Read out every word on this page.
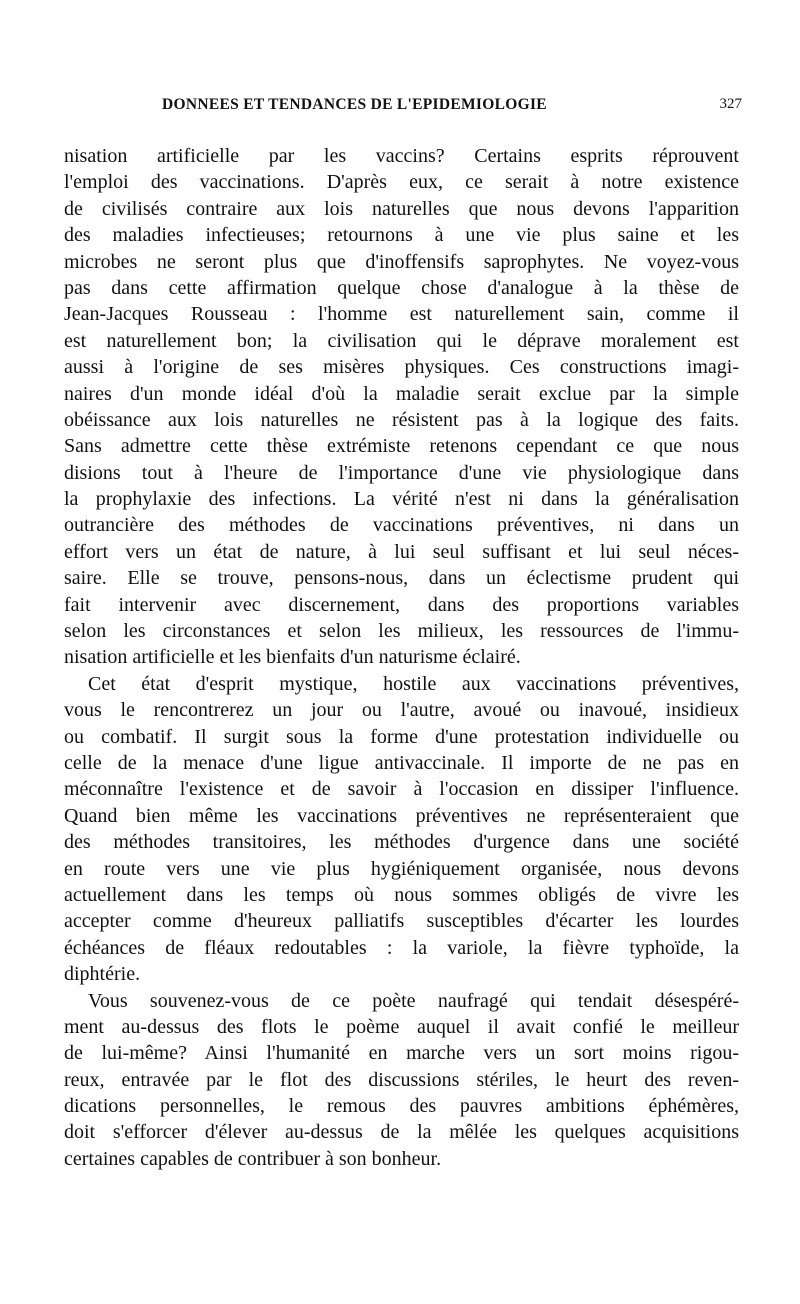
DONNEES ET TENDANCES DE L'EPIDEMIOLOGIE	327
nisation artificielle par les vaccins? Certains esprits réprouvent
l'emploi des vaccinations. D'après eux, ce serait à notre existence
de civilisés contraire aux lois naturelles que nous devons l'apparition
des maladies infectieuses; retournons à une vie plus saine et les
microbes ne seront plus que d'inoffensifs saprophytes. Ne voyez-vous
pas dans cette affirmation quelque chose d'analogue à la thèse de
Jean-Jacques Rousseau : l'homme est naturellement sain, comme il
est naturellement bon; la civilisation qui le déprave moralement est
aussi à l'origine de ses misères physiques. Ces constructions imagi-
naires d'un monde idéal d'où la maladie serait exclue par la simple
obéissance aux lois naturelles ne résistent pas à la logique des faits.
Sans admettre cette thèse extrémiste retenons cependant ce que nous
disions tout à l'heure de l'importance d'une vie physiologique dans
la prophylaxie des infections. La vérité n'est ni dans la généralisation
outrancière des méthodes de vaccinations préventives, ni dans un
effort vers un état de nature, à lui seul suffisant et lui seul néces-
saire. Elle se trouve, pensons-nous, dans un éclectisme prudent qui
fait intervenir avec discernement, dans des proportions variables
selon les circonstances et selon les milieux, les ressources de l'immu-
nisation artificielle et les bienfaits d'un naturisme éclairé.
Cet état d'esprit mystique, hostile aux vaccinations préventives,
vous le rencontrerez un jour ou l'autre, avoué ou inavoué, insidieux
ou combatif. Il surgit sous la forme d'une protestation individuelle ou
celle de la menace d'une ligue antivaccinale. Il importe de ne pas en
méconnaître l'existence et de savoir à l'occasion en dissiper l'influence.
Quand bien même les vaccinations préventives ne représenteraient que
des méthodes transitoires, les méthodes d'urgence dans une société
en route vers une vie plus hygiéniquement organisée, nous devons
actuellement dans les temps où nous sommes obligés de vivre les
accepter comme d'heureux palliatifs susceptibles d'écarter les lourdes
échéances de fléaux redoutables : la variole, la fièvre typhoïde, la
diphtérie.
Vous souvenez-vous de ce poète naufragé qui tendait désespéré-
ment au-dessus des flots le poème auquel il avait confié le meilleur
de lui-même? Ainsi l'humanité en marche vers un sort moins rigou-
reux, entravée par le flot des discussions stériles, le heurt des reven-
dications personnelles, le remous des pauvres ambitions éphémères,
doit s'efforcer d'élever au-dessus de la mêlée les quelques acquisitions
certaines capables de contribuer à son bonheur.
